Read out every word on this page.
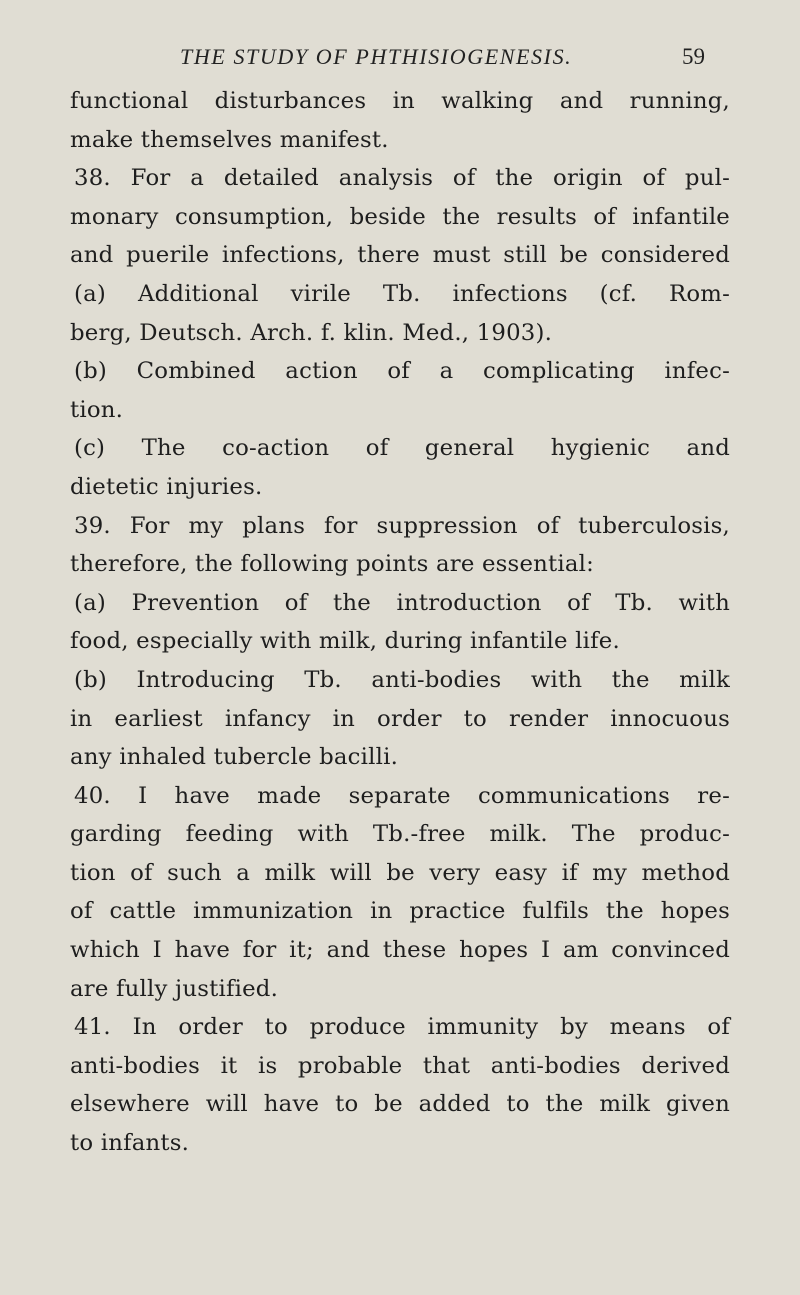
THE STUDY OF PHTHISIOGENESIS.	59
functional disturbances in walking and running,
make themselves manifest.
38. For a detailed analysis of the origin of pul-
monary consumption, beside the results of infantile
and puerile infections, there must still be considered
(a) Additional virile Tb. infections (cf. Rom-
berg, Deutsch. Arch. f. klin. Med., 1903).
(b) Combined action of a complicating infec-
tion.
(c) The co-action of general hygienic and
dietetic injuries.
39. For my plans for suppression of tuberculosis,
therefore, the following points are essential:
(a) Prevention of the introduction of Tb. with
food, especially with milk, during infantile life.
(b) Introducing Tb. anti-bodies with the milk
in earliest infancy in order to render innocuous
any inhaled tubercle bacilli.
40. I have made separate communications re-
garding feeding with Tb.-free milk. The produc-
tion of such a milk will be very easy if my method
of cattle immunization in practice fulfils the hopes
which I have for it; and these hopes I am convinced
are fully justified.
41. In order to produce immunity by means of
anti-bodies it is probable that anti-bodies derived
elsewhere will have to be added to the milk given
to infants.
